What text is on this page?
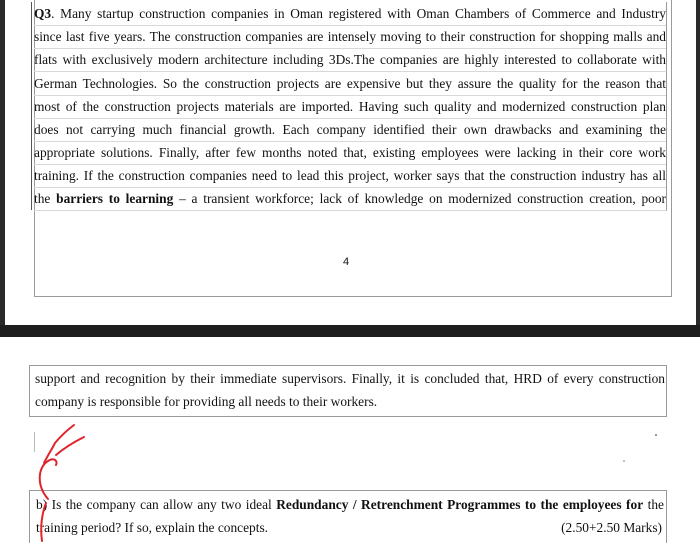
Q3. Many startup construction companies in Oman registered with Oman Chambers of Commerce and Industry
since last five years. The construction companies are intensely moving to their construction for shopping malls and
flats with exclusively modern architecture including 3Ds.The companies are highly interested to collaborate with
German Technologies. So the construction projects are expensive but they assure the quality for the reason that
most of the construction projects materials are imported. Having such quality and modernized construction plan
does not carrying much financial growth. Each company identified their own drawbacks and examining the
appropriate solutions. Finally, after few months noted that, existing employees were lacking in their core work
training. If the construction companies need to lead this project, worker says that the construction industry has all
the barriers to learning – a transient workforce; lack of knowledge on modernized construction creation, poor
4
support and recognition by their immediate supervisors. Finally, it is concluded that, HRD of every construction
company is responsible for providing all needs to their workers.
b) Is the company can allow any two ideal Redundancy / Retrenchment Programmes to the employees for the
training period? If so, explain the concepts.	(2.50+2.50 Marks)
